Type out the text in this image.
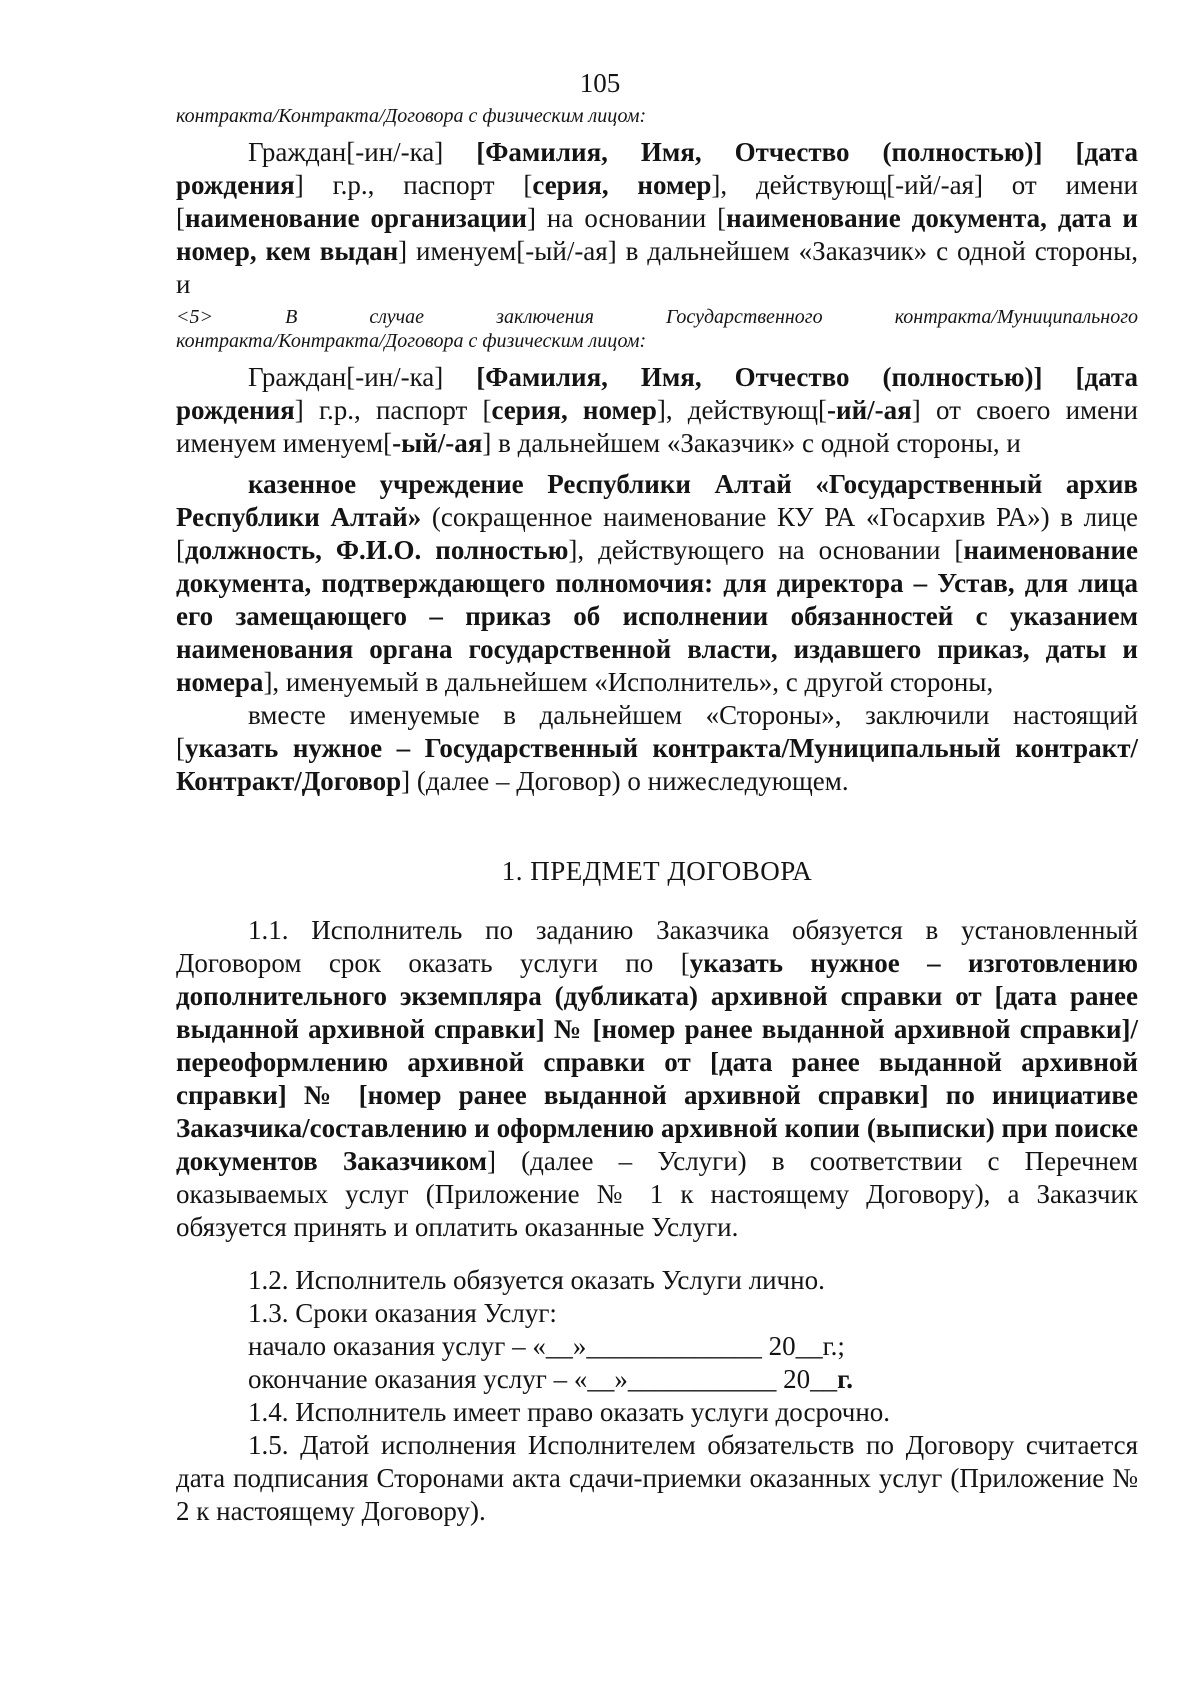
105

контракта/Контракта/Договора с физическим лицом:

Граждан[-ин/-ка] [Фамилия, Имя, Отчество (полностью)] [дата рождения] г.р., паспорт [серия, номер], действующ[-ий/-ая] от имени [наименование организации] на основании [наименование документа, дата и номер, кем выдан] именуем[-ый/-ая] в дальнейшем «Заказчик» с одной стороны, и

<5> В случае заключения Государственного контракта/Муниципального

контракта/Контракта/Договора с физическим лицом:

Граждан[-ин/-ка] [Фамилия, Имя, Отчество (полностью)] [дата рождения] г.р., паспорт [серия, номер], действующ[-ий/-ая] от своего имени именуем именуем[-ый/-ая] в дальнейшем «Заказчик» с одной стороны, и

казенное учреждение Республики Алтай «Государственный архив Республики Алтай» (сокращенное наименование КУ РА «Госархив РА») в лице [должность, Ф.И.О. полностью], действующего на основании [наименование документа, подтверждающего полномочия: для директора – Устав, для лица его замещающего – приказ об исполнении обязанностей с указанием наименования органа государственной власти, издавшего приказ, даты и номера], именуемый в дальнейшем «Исполнитель», с другой стороны,

вместе именуемые в дальнейшем «Стороны», заключили настоящий [указать нужное – Государственный контракта/Муниципальный контракт/Контракт/Договор] (далее – Договор) о нижеследующем.

1. ПРЕДМЕТ ДОГОВОРА

1.1. Исполнитель по заданию Заказчика обязуется в установленный Договором срок оказать услуги по [указать нужное – изготовлению дополнительного экземпляра (дубликата) архивной справки от [дата ранее выданной архивной справки] № [номер ранее выданной архивной справки]/переоформлению архивной справки от [дата ранее выданной архивной справки] № [номер ранее выданной архивной справки] по инициативе Заказчика/составлению и оформлению архивной копии (выписки) при поиске документов Заказчиком] (далее – Услуги) в соответствии с Перечнем оказываемых услуг (Приложение № 1 к настоящему Договору), а Заказчик обязуется принять и оплатить оказанные Услуги.

1.2. Исполнитель обязуется оказать Услуги лично.

1.3. Сроки оказания Услуг:

начало оказания услуг – «__»_____________ 20__г.;

окончание оказания услуг – «__»___________ 20__г.

1.4. Исполнитель имеет право оказать услуги досрочно.

1.5. Датой исполнения Исполнителем обязательств по Договору считается дата подписания Сторонами акта сдачи-приемки оказанных услуг (Приложение № 2 к настоящему Договору).
